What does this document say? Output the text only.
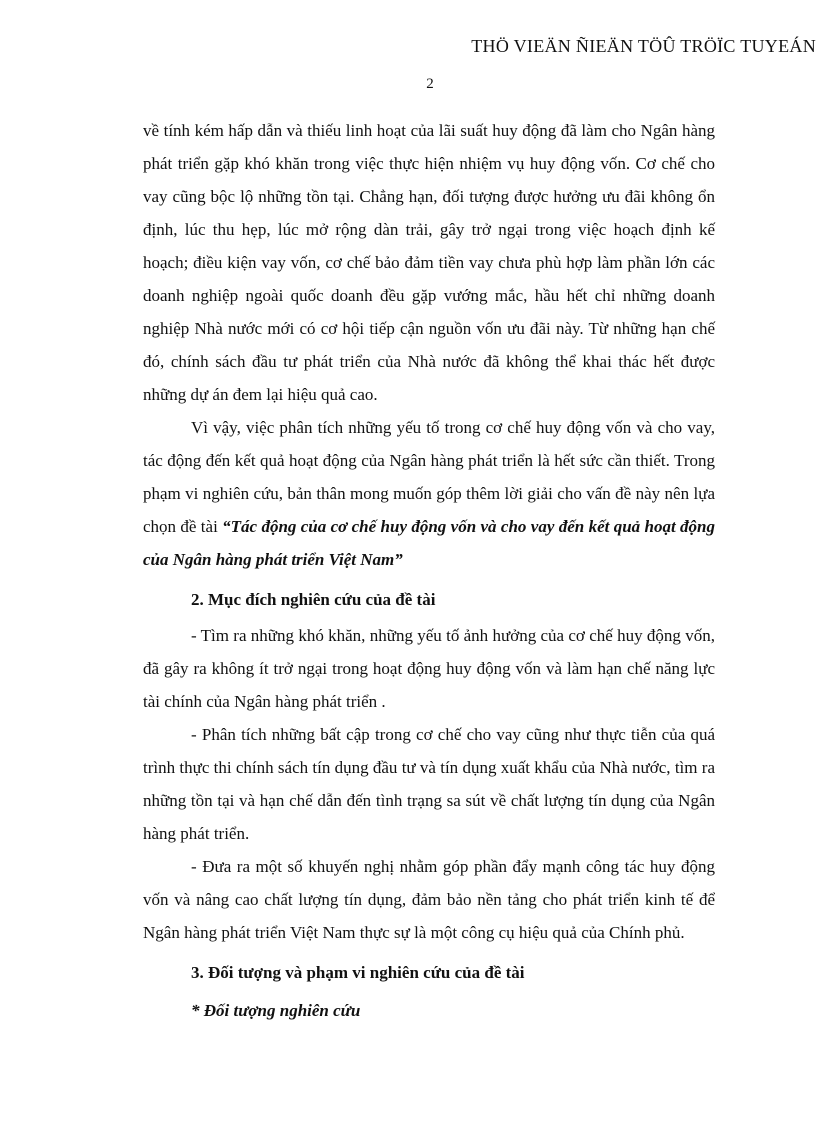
THÖ VIEÄN ÑIEÄN TÖÛ TRÖÏC TUYEÁN
2

về tính kém hấp dẫn và thiếu linh hoạt của lãi suất huy động đã làm cho Ngân hàng phát triển gặp khó khăn trong việc thực hiện nhiệm vụ huy động vốn. Cơ chế cho vay cũng bộc lộ những tồn tại. Chẳng hạn, đối tượng được hưởng ưu đãi không ổn định, lúc thu hẹp, lúc mở rộng dàn trải, gây trở ngại trong việc hoạch định kế hoạch; điều kiện vay vốn, cơ chế bảo đảm tiền vay chưa phù hợp làm phần lớn các doanh nghiệp ngoài quốc doanh đều gặp vướng mắc, hầu hết chỉ những doanh nghiệp Nhà nước mới có cơ hội tiếp cận nguồn vốn ưu đãi này. Từ những hạn chế đó, chính sách đầu tư phát triển của Nhà nước đã không thể khai thác hết được những dự án đem lại hiệu quả cao.

Vì vậy, việc phân tích những yếu tố trong cơ chế huy động vốn và cho vay, tác động đến kết quả hoạt động của Ngân hàng phát triển là hết sức cần thiết. Trong phạm vi nghiên cứu, bản thân mong muốn góp thêm lời giải cho vấn đề này nên lựa chọn đề tài “Tác động của cơ chế huy động vốn và cho vay đến kết quả hoạt động của Ngân hàng phát triển Việt Nam”

2. Mục đích nghiên cứu của đề tài

- Tìm ra những khó khăn, những yếu tố ảnh hưởng của cơ chế huy động vốn, đã gây ra không ít trở ngại trong hoạt động huy động vốn và làm hạn chế năng lực tài chính của Ngân hàng phát triển .

- Phân tích những bất cập trong cơ chế cho vay cũng như thực tiễn của quá trình thực thi chính sách tín dụng đầu tư và tín dụng xuất khẩu của Nhà nước, tìm ra những tồn tại và hạn chế dẫn đến tình trạng sa sút về chất lượng tín dụng của Ngân hàng phát triển.

- Đưa ra một số khuyến nghị nhằm góp phần đẩy mạnh công tác huy động vốn và nâng cao chất lượng tín dụng, đảm bảo nền tảng cho phát triển kinh tế để Ngân hàng phát triển Việt Nam thực sự là một công cụ hiệu quả của Chính phủ.

3. Đối tượng và phạm vi nghiên cứu của đề tài

* Đối tượng nghiên cứu
